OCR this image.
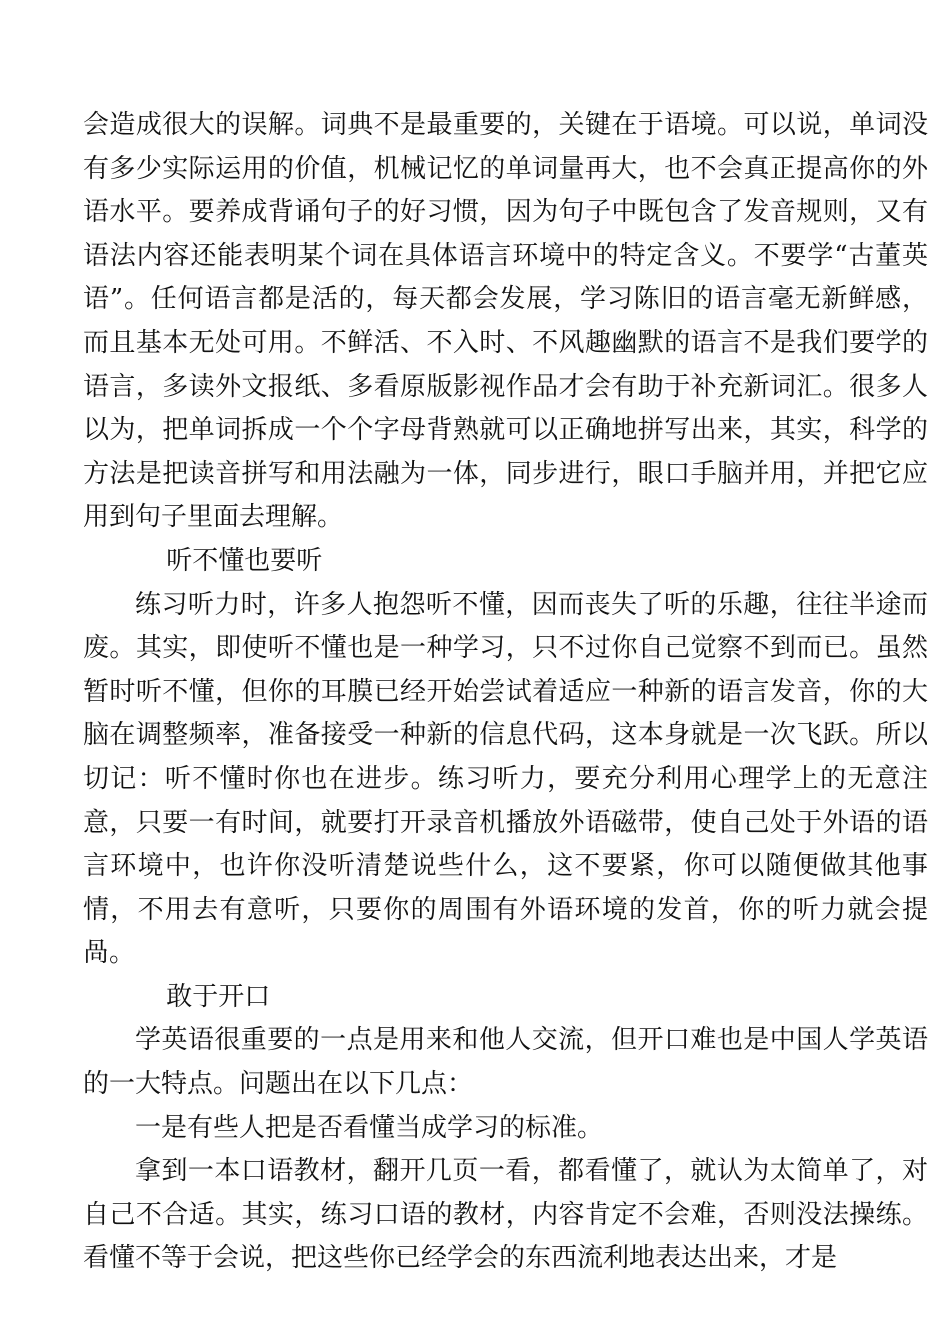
会造成很大的误解。词典不是最重要的，关键在于语境。可以说，单词没有多少实际运用的价值，机械记忆的单词量再大，也不会真正提高你的外语水平。要养成背诵句子的好习惯，因为句子中既包含了发音规则，又有语法内容还能表明某个词在具体语言环境中的特定含义。不要学“古董英语”。任何语言都是活的，每天都会发展，学习陈旧的语言毫无新鲜感，而且基本无处可用。不鲜活、不入时、不风趣幽默的语言不是我们要学的语言，多读外文报纸、多看原版影视作品才会有助于补充新词汇。很多人以为，把单词拆成一个个字母背熟就可以正确地拼写出来，其实，科学的方法是把读音拼写和用法融为一体，同步进行，眼口手脑并用，并把它应用到句子里面去理解。

听不懂也要听

练习听力时，许多人抱怨听不懂，因而丧失了听的乐趣，往往半途而废。其实，即使听不懂也是一种学习，只不过你自己觉察不到而已。虽然暂时听不懂，但你的耳膜已经开始尝试着适应一种新的语言发音，你的大脑在调整频率，准备接受一种新的信息代码，这本身就是一次飞跃。所以切记：听不懂时你也在进步。练习听力，要充分利用心理学上的无意注意，只要一有时间，就要打开录音机播放外语磁带，使自己处于外语的语言环境中，也许你没听清楚说些什么，这不要紧，你可以随便做其他事情，不用去有意听，只要你的周围有外语环境的发首，你的听力就会提咼。

敢于开口

学英语很重要的一点是用来和他人交流，但开口难也是中国人学英语的一大特点。问题出在以下几点：

一是有些人把是否看懂当成学习的标准。

拿到一本口语教材，翻开几页一看，都看懂了，就认为太简单了，对自己不合适。其实，练习口语的教材，内容肯定不会难，否则没法操练。看懂不等于会说，把这些你已经学会的东西流利地表达出来，才是
